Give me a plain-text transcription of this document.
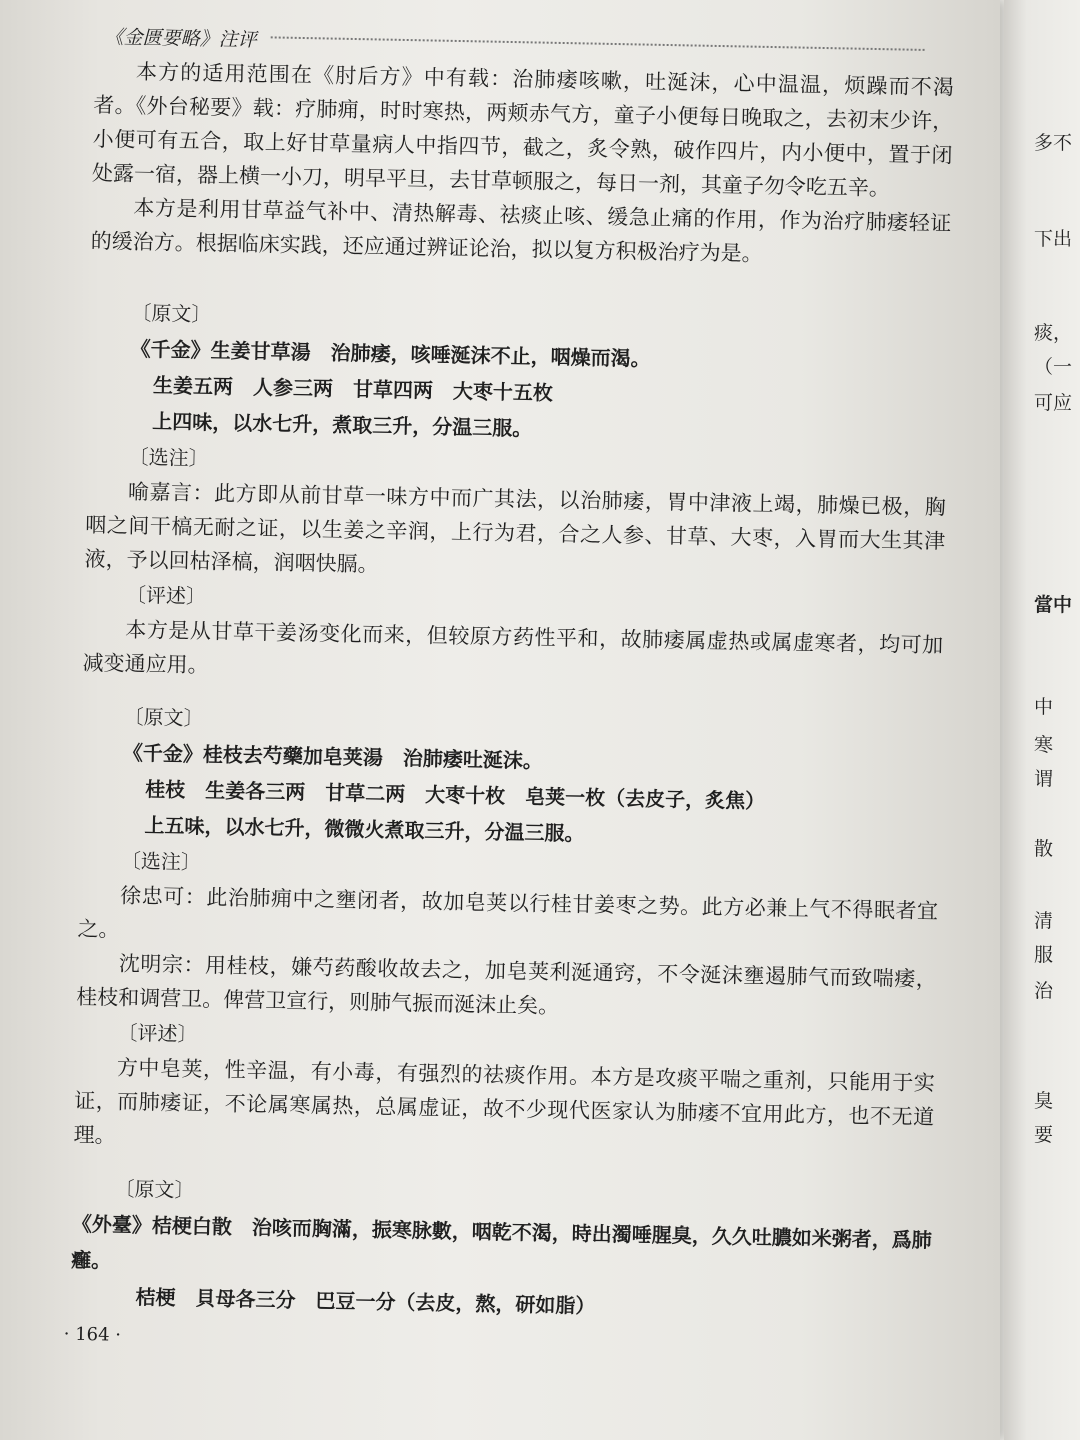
《金匮要略》注评

本方的适用范围在《肘后方》中有载：治肺痿咳嗽，吐涎沫，心中温温，烦躁而不渴者。《外台秘要》载：疗肺痈，时时寒热，两颊赤气方，童子小便每日晚取之，去初末少许，小便可有五合，取上好甘草量病人中指四节，截之，炙令熟，破作四片，内小便中，置于闭处露一宿，器上横一小刀，明早平旦，去甘草顿服之，每日一剂，其童子勿令吃五辛。

本方是利用甘草益气补中、清热解毒、祛痰止咳、缓急止痛的作用，作为治疗肺痿轻证的缓治方。根据临床实践，还应通过辨证论治，拟以复方积极治疗为是。

〔原文〕

《千金》生姜甘草湯　治肺痿，咳唾涎沫不止，咽燥而渴。

生姜五两　人参三两　甘草四两　大枣十五枚

上四味，以水七升，煮取三升，分温三服。

〔选注〕

喻嘉言：此方即从前甘草一味方中而广其法，以治肺痿，胃中津液上竭，肺燥已极，胸咽之间干槁无耐之证，以生姜之辛润，上行为君，合之人参、甘草、大枣，入胃而大生其津液，予以回枯泽槁，润咽快膈。

〔评述〕

本方是从甘草干姜汤变化而来，但较原方药性平和，故肺痿属虚热或属虚寒者，均可加减变通应用。

〔原文〕

《千金》桂枝去芍藥加皂荚湯　治肺痿吐涎沫。

桂枝　生姜各三两　甘草二两　大枣十枚　皂荚一枚（去皮子，炙焦）

上五味，以水七升，微微火煮取三升，分温三服。

〔选注〕

徐忠可：此治肺痈中之壅闭者，故加皂荚以行桂甘姜枣之势。此方必兼上气不得眠者宜之。

沈明宗：用桂枝，嫌芍药酸收故去之，加皂荚利涎通窍，不令涎沫壅遏肺气而致喘痿，桂枝和调营卫。俾营卫宣行，则肺气振而涎沫止矣。

〔评述〕

方中皂荚，性辛温，有小毒，有强烈的祛痰作用。本方是攻痰平喘之重剂，只能用于实证，而肺痿证，不论属寒属热，总属虚证，故不少现代医家认为肺痿不宜用此方，也不无道理。

〔原文〕

《外臺》桔梗白散　治咳而胸滿，振寒脉數，咽乾不渴，時出濁唾腥臭，久久吐膿如米粥者，爲肺癰。

桔梗　貝母各三分　巴豆一分（去皮，熬，研如脂）

· 164 ·
多不
下出
痰，
（一
可应
當中
中
寒
谓
散
清
服
治
臭
要
